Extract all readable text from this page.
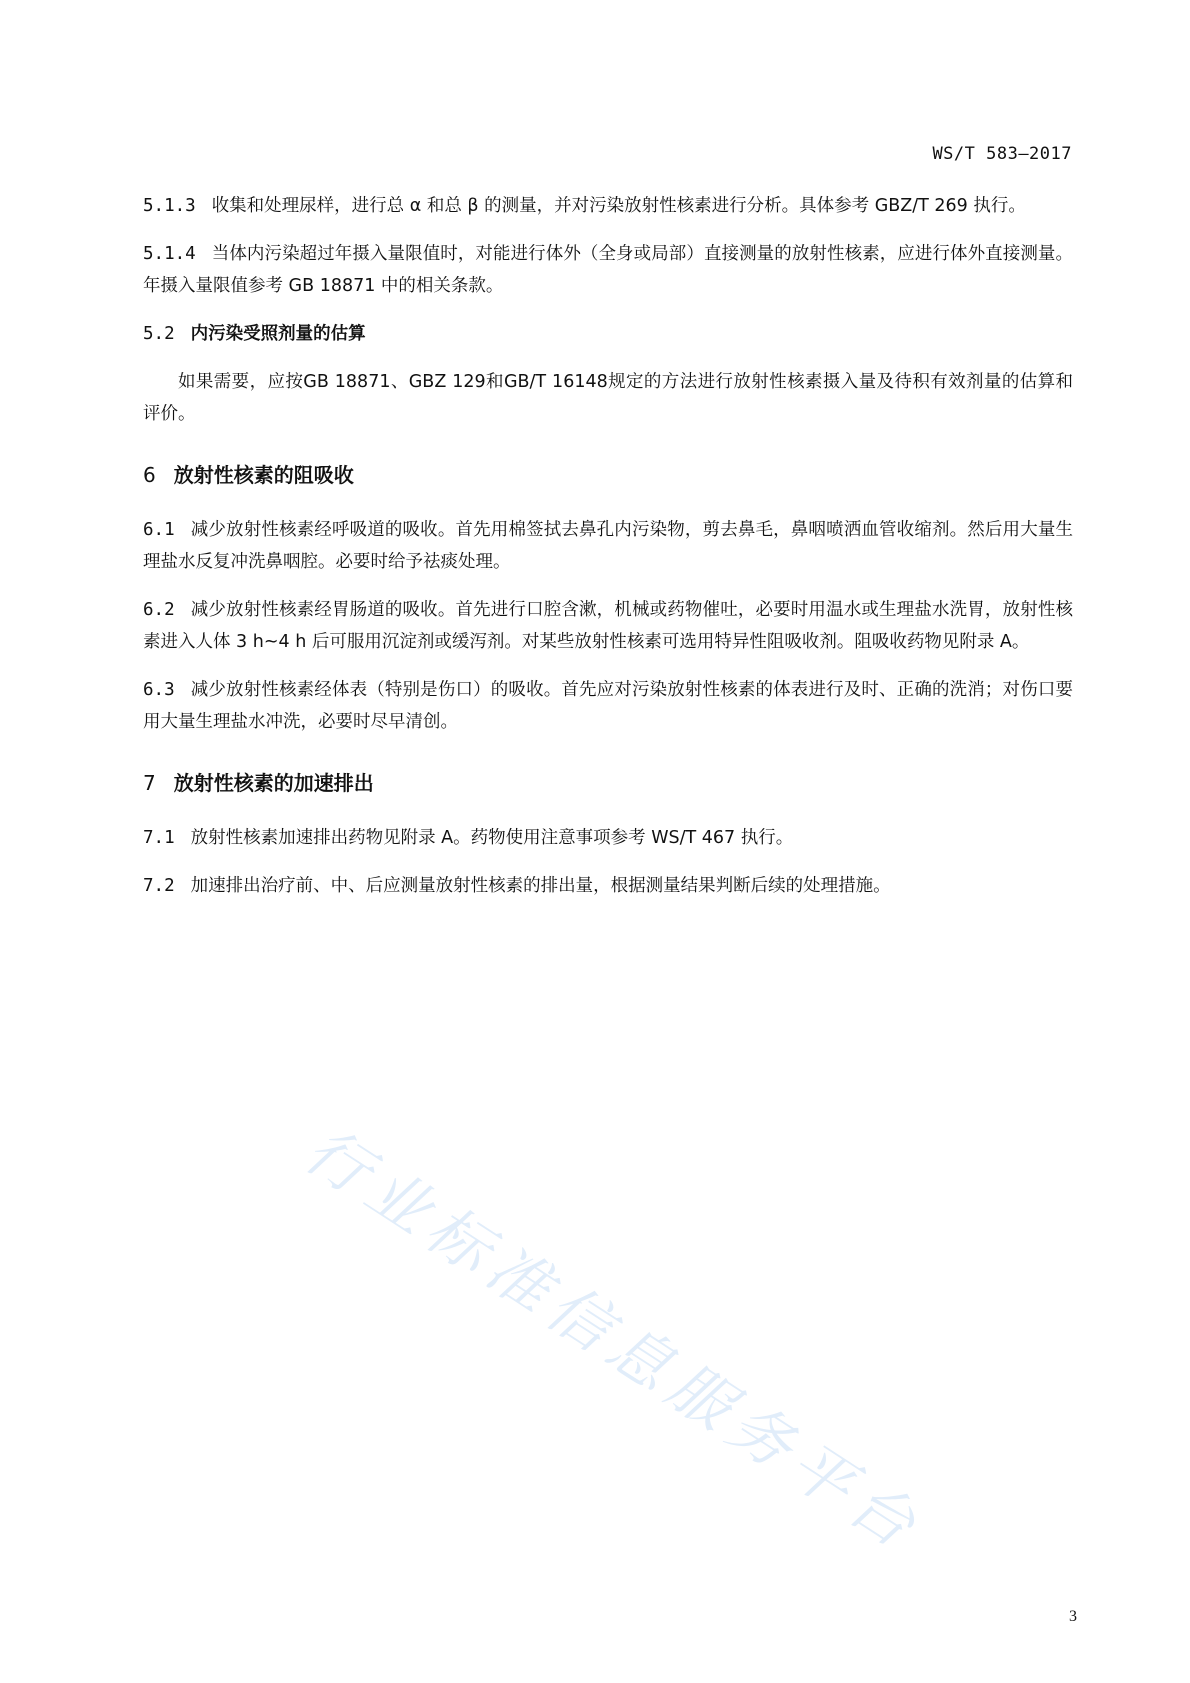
WS/T 583—2017

5.1.3 收集和处理尿样，进行总 α 和总 β 的测量，并对污染放射性核素进行分析。具体参考 GBZ/T 269 执行。

5.1.4 当体内污染超过年摄入量限值时，对能进行体外（全身或局部）直接测量的放射性核素，应进行体外直接测量。年摄入量限值参考 GB 18871 中的相关条款。

5.2 内污染受照剂量的估算

如果需要，应按GB 18871、GBZ 129和GB/T 16148规定的方法进行放射性核素摄入量及待积有效剂量的估算和评价。

6 放射性核素的阻吸收

6.1 减少放射性核素经呼吸道的吸收。首先用棉签拭去鼻孔内污染物，剪去鼻毛，鼻咽喷洒血管收缩剂。然后用大量生理盐水反复冲洗鼻咽腔。必要时给予祛痰处理。

6.2 减少放射性核素经胃肠道的吸收。首先进行口腔含漱，机械或药物催吐，必要时用温水或生理盐水洗胃，放射性核素进入人体 3 h~4 h 后可服用沉淀剂或缓泻剂。对某些放射性核素可选用特异性阻吸收剂。阻吸收药物见附录 A。

6.3 减少放射性核素经体表（特别是伤口）的吸收。首先应对污染放射性核素的体表进行及时、正确的洗消；对伤口要用大量生理盐水冲洗，必要时尽早清创。

7 放射性核素的加速排出

7.1 放射性核素加速排出药物见附录 A。药物使用注意事项参考 WS/T 467 执行。

7.2 加速排出治疗前、中、后应测量放射性核素的排出量，根据测量结果判断后续的处理措施。

行业标准信息服务平台
3
